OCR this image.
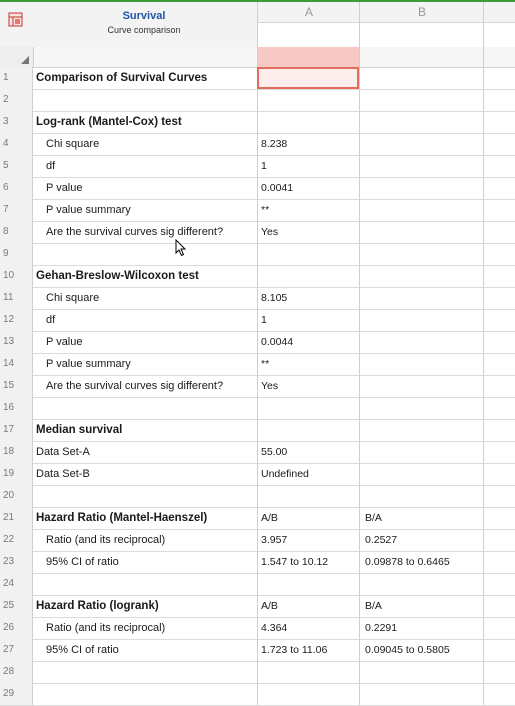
Survival
Curve comparison
A	B
1	Comparison of Survival Curves
2
3	Log-rank (Mantel-Cox) test
4	Chi square	8.238
5	df	1
6	P value	0.0041
7	P value summary	**
8	Are the survival curves sig different?	Yes
9
10	Gehan-Breslow-Wilcoxon test
11	Chi square	8.105
12	df	1
13	P value	0.0044
14	P value summary	**
15	Are the survival curves sig different?	Yes
16
17	Median survival
18	Data Set-A	55.00
19	Data Set-B	Undefined
20
21	Hazard Ratio (Mantel-Haenszel)	A/B	B/A
22	Ratio (and its reciprocal)	3.957	0.2527
23	95% CI of ratio	1.547 to 10.12	0.09878 to 0.6465
24
25	Hazard Ratio (logrank)	A/B	B/A
26	Ratio (and its reciprocal)	4.364	0.2291
27	95% CI of ratio	1.723 to 11.06	0.09045 to 0.5805
28
29
